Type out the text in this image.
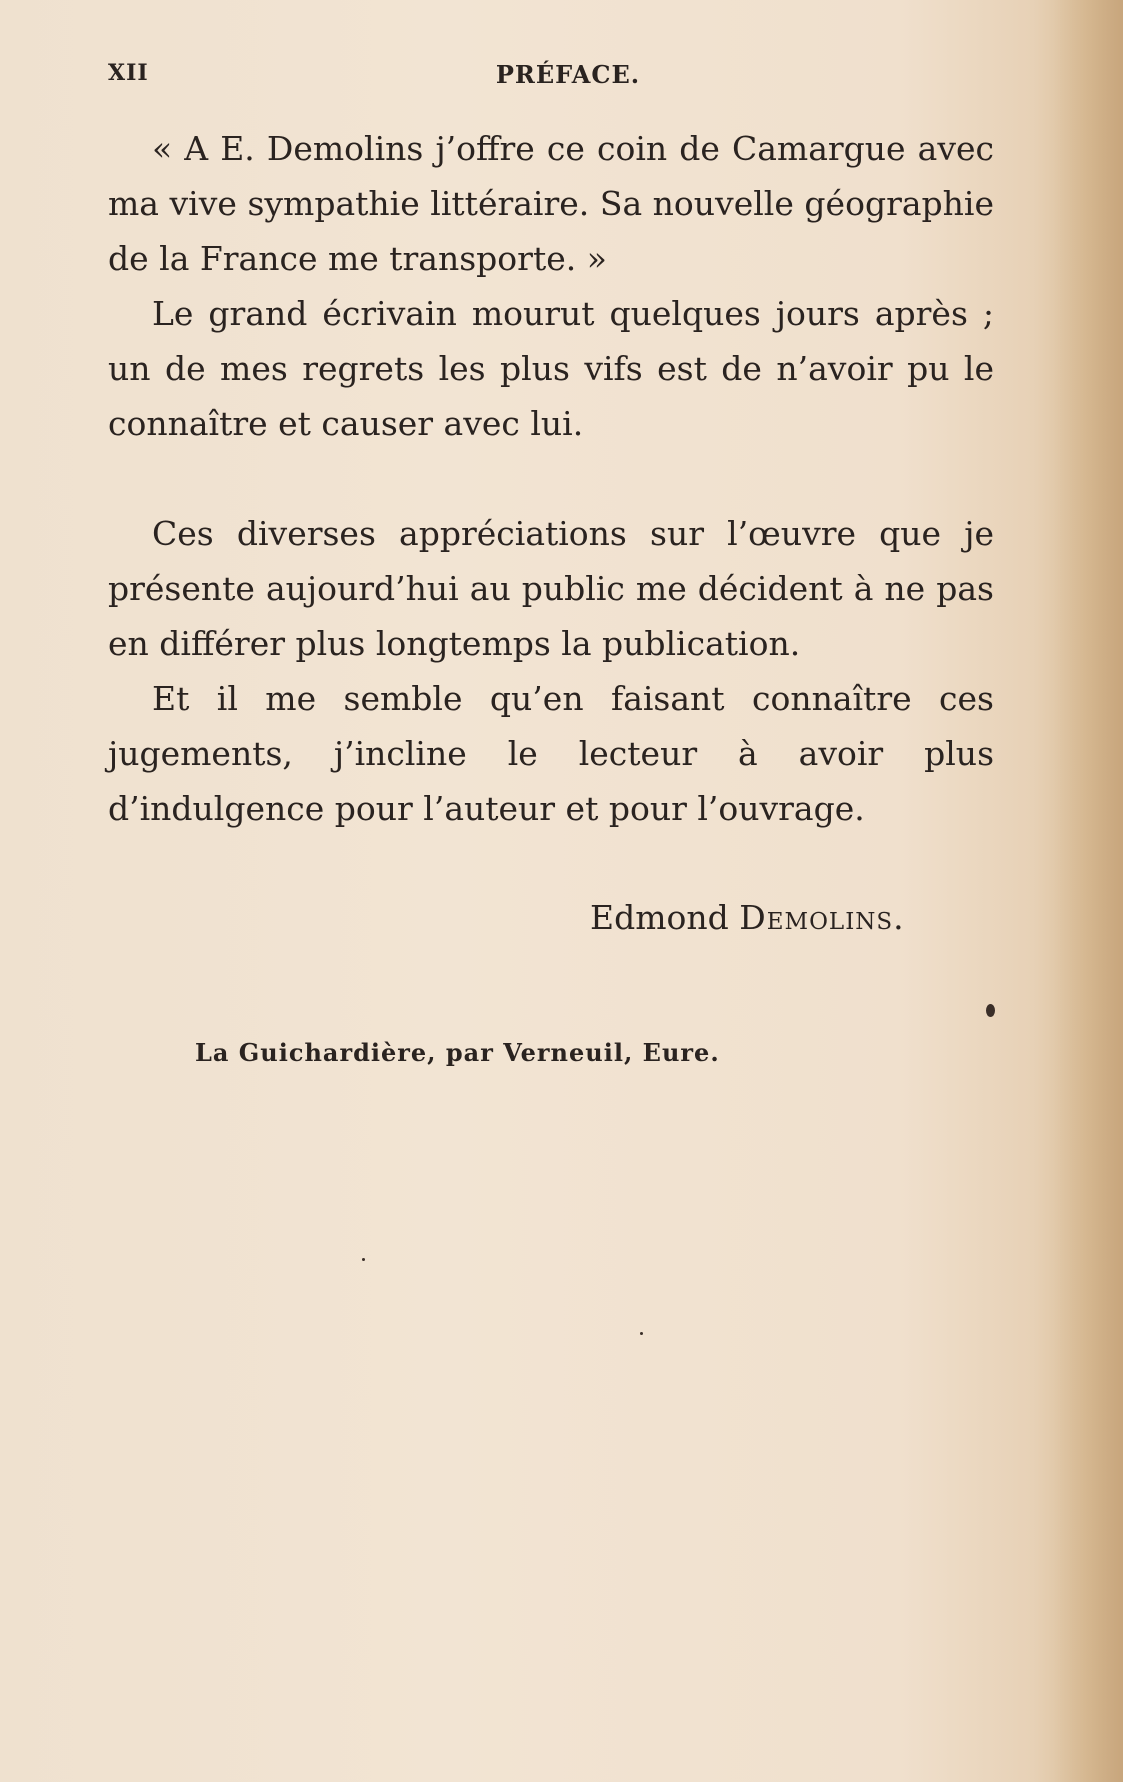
XII	PRÉFACE.

« A E. Demolins j’offre ce coin de Camargue avec ma vive sympathie littéraire. Sa nouvelle géographie de la France me transporte. »

Le grand écrivain mourut quelques jours après ; un de mes regrets les plus vifs est de n’avoir pu le connaître et causer avec lui.

Ces diverses appréciations sur l’œuvre que je présente aujourd’hui au public me décident à ne pas en différer plus longtemps la publication.

Et il me semble qu’en faisant connaître ces jugements, j’incline le lecteur à avoir plus d’indulgence pour l’auteur et pour l’ouvrage.

Edmond Demolins.
La Guichardière, par Verneuil, Eure.
